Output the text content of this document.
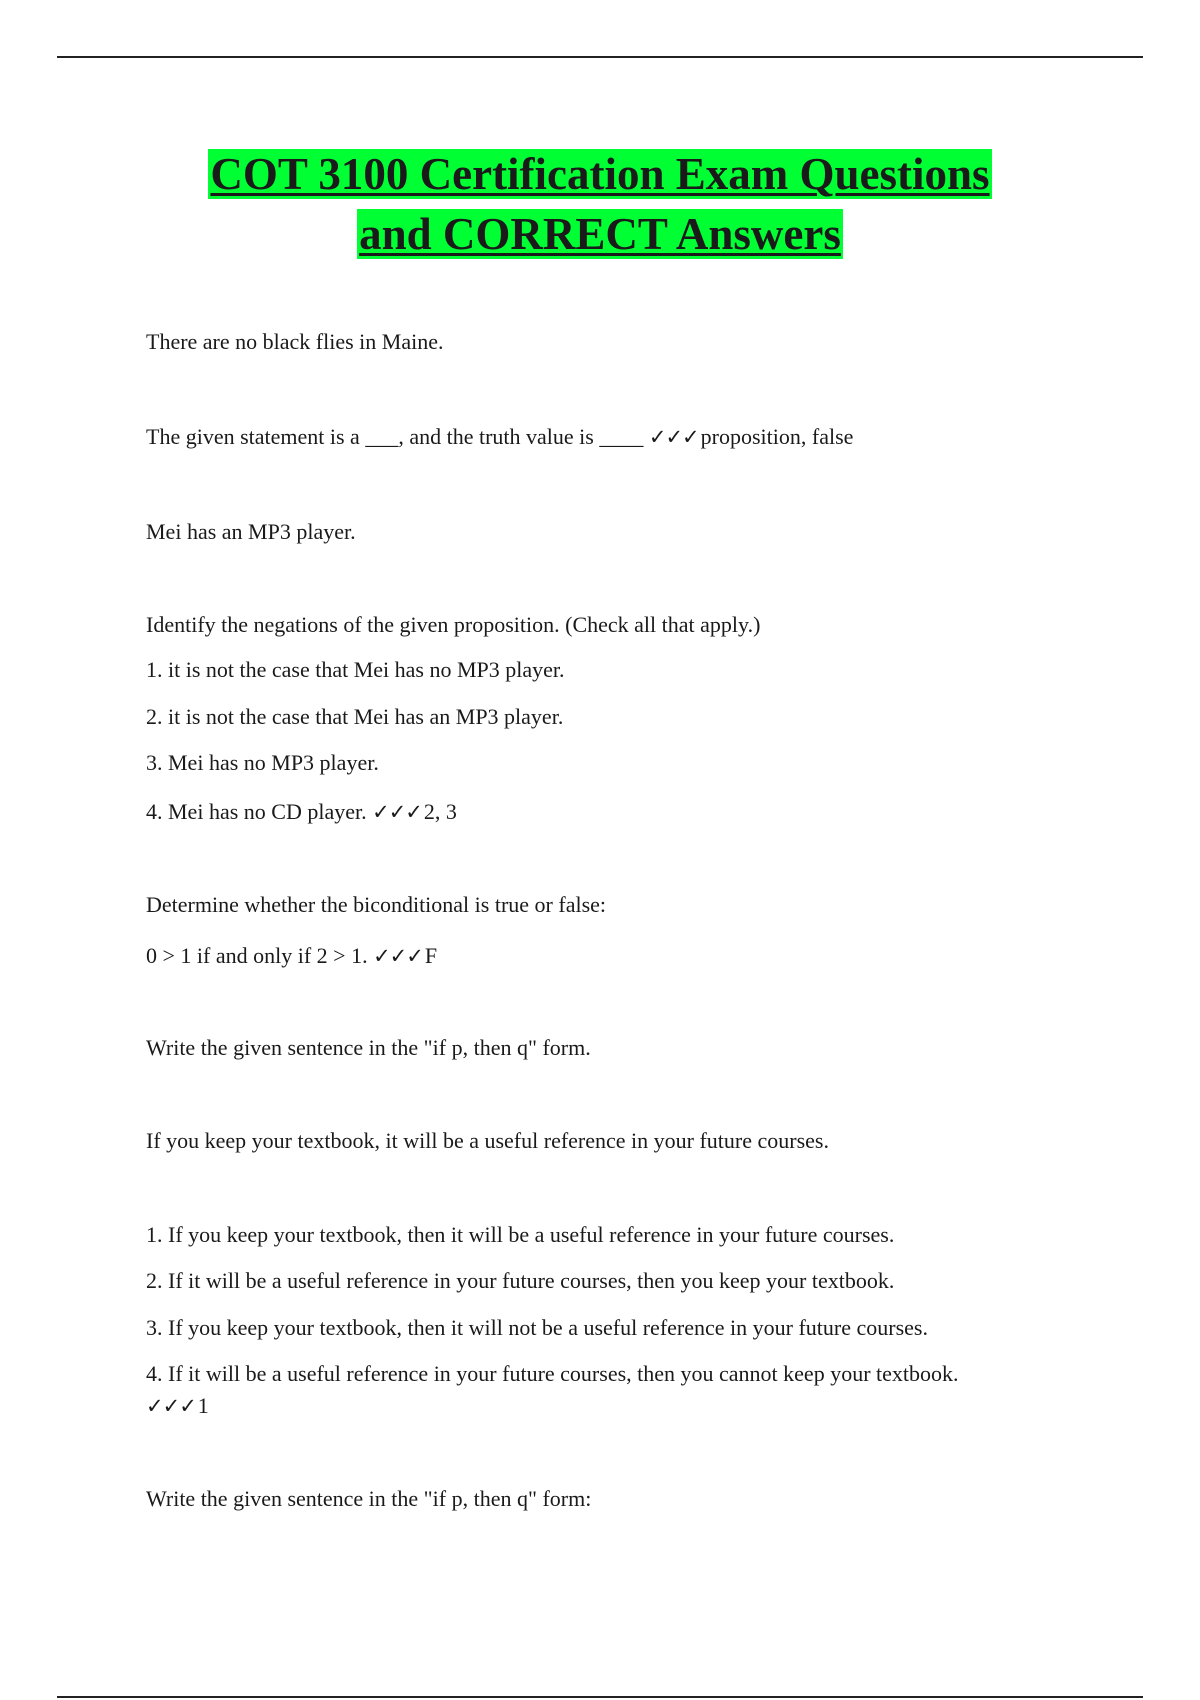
COT 3100 Certification Exam Questions
and CORRECT Answers

There are no black flies in Maine.

The given statement is a ___, and the truth value is ____ ✓✓✓proposition, false

Mei has an MP3 player.

Identify the negations of the given proposition. (Check all that apply.)

1. it is not the case that Mei has no MP3 player.

2. it is not the case that Mei has an MP3 player.

3. Mei has no MP3 player.

4. Mei has no CD player. ✓✓✓2, 3

Determine whether the biconditional is true or false:

0 > 1 if and only if 2 > 1. ✓✓✓F

Write the given sentence in the "if p, then q" form.

If you keep your textbook, it will be a useful reference in your future courses.

1. If you keep your textbook, then it will be a useful reference in your future courses.

2. If it will be a useful reference in your future courses, then you keep your textbook.

3. If you keep your textbook, then it will not be a useful reference in your future courses.

4. If it will be a useful reference in your future courses, then you cannot keep your textbook.

✓✓✓1

Write the given sentence in the "if p, then q" form:
